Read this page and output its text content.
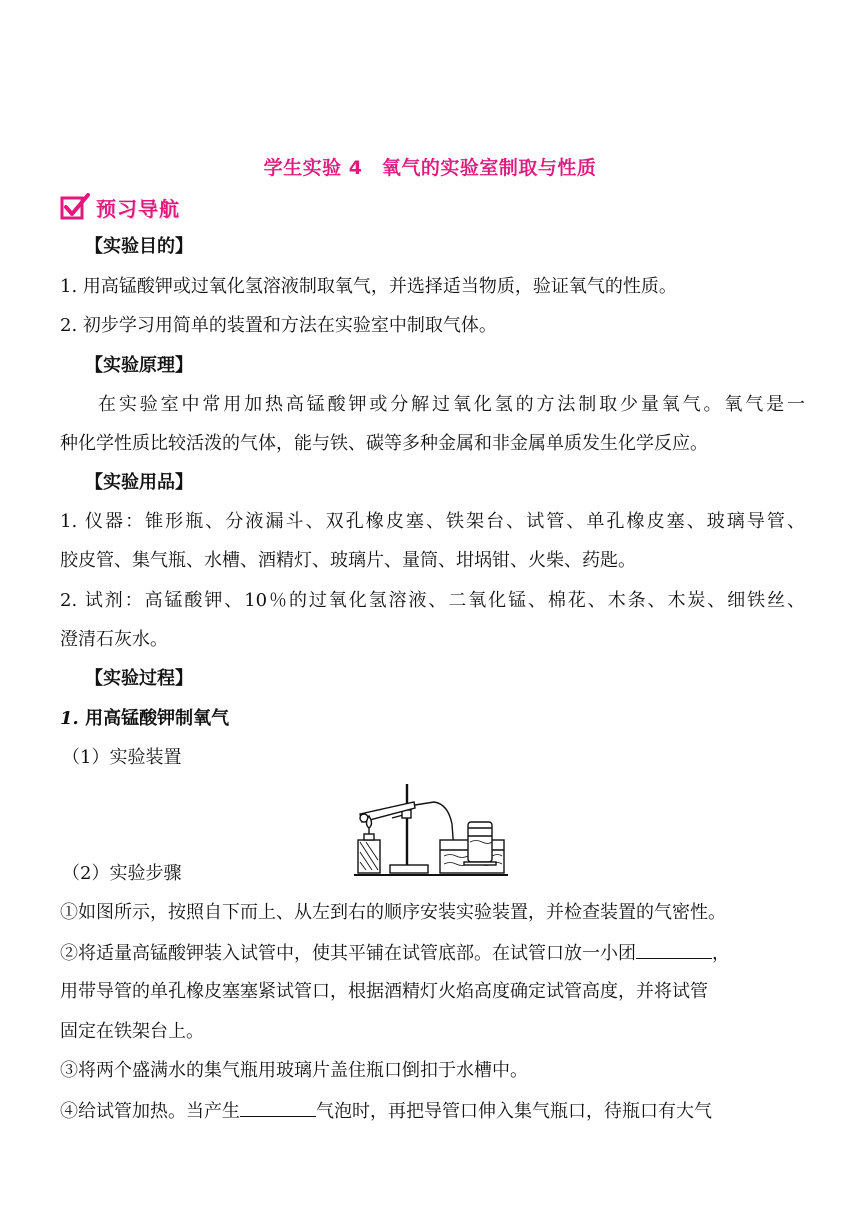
学生实验 4　氧气的实验室制取与性质
预习导航
【实验目的】
1. 用高锰酸钾或过氧化氢溶液制取氧气，并选择适当物质，验证氧气的性质。
2. 初步学习用简单的装置和方法在实验室中制取气体。
【实验原理】
在实验室中常用加热高锰酸钾或分解过氧化氢的方法制取少量氧气。氧气是一
种化学性质比较活泼的气体，能与铁、碳等多种金属和非金属单质发生化学反应。
【实验用品】
1. 仪器：锥形瓶、分液漏斗、双孔橡皮塞、铁架台、试管、单孔橡皮塞、玻璃导管、
胶皮管、集气瓶、水槽、酒精灯、玻璃片、量筒、坩埚钳、火柴、药匙。
2. 试剂：高锰酸钾、10％的过氧化氢溶液、二氧化锰、棉花、木条、木炭、细铁丝、
澄清石灰水。
【实验过程】
1. 用高锰酸钾制氧气
（1）实验装置
（2）实验步骤
①如图所示，按照自下而上、从左到右的顺序安装实验装置，并检查装置的气密性。
②将适量高锰酸钾装入试管中，使其平铺在试管底部。在试管口放一小团	，
用带导管的单孔橡皮塞塞紧试管口，根据酒精灯火焰高度确定试管高度，并将试管
固定在铁架台上。
③将两个盛满水的集气瓶用玻璃片盖住瓶口倒扣于水槽中。
④给试管加热。当产生	气泡时，再把导管口伸入集气瓶口，待瓶口有大气
